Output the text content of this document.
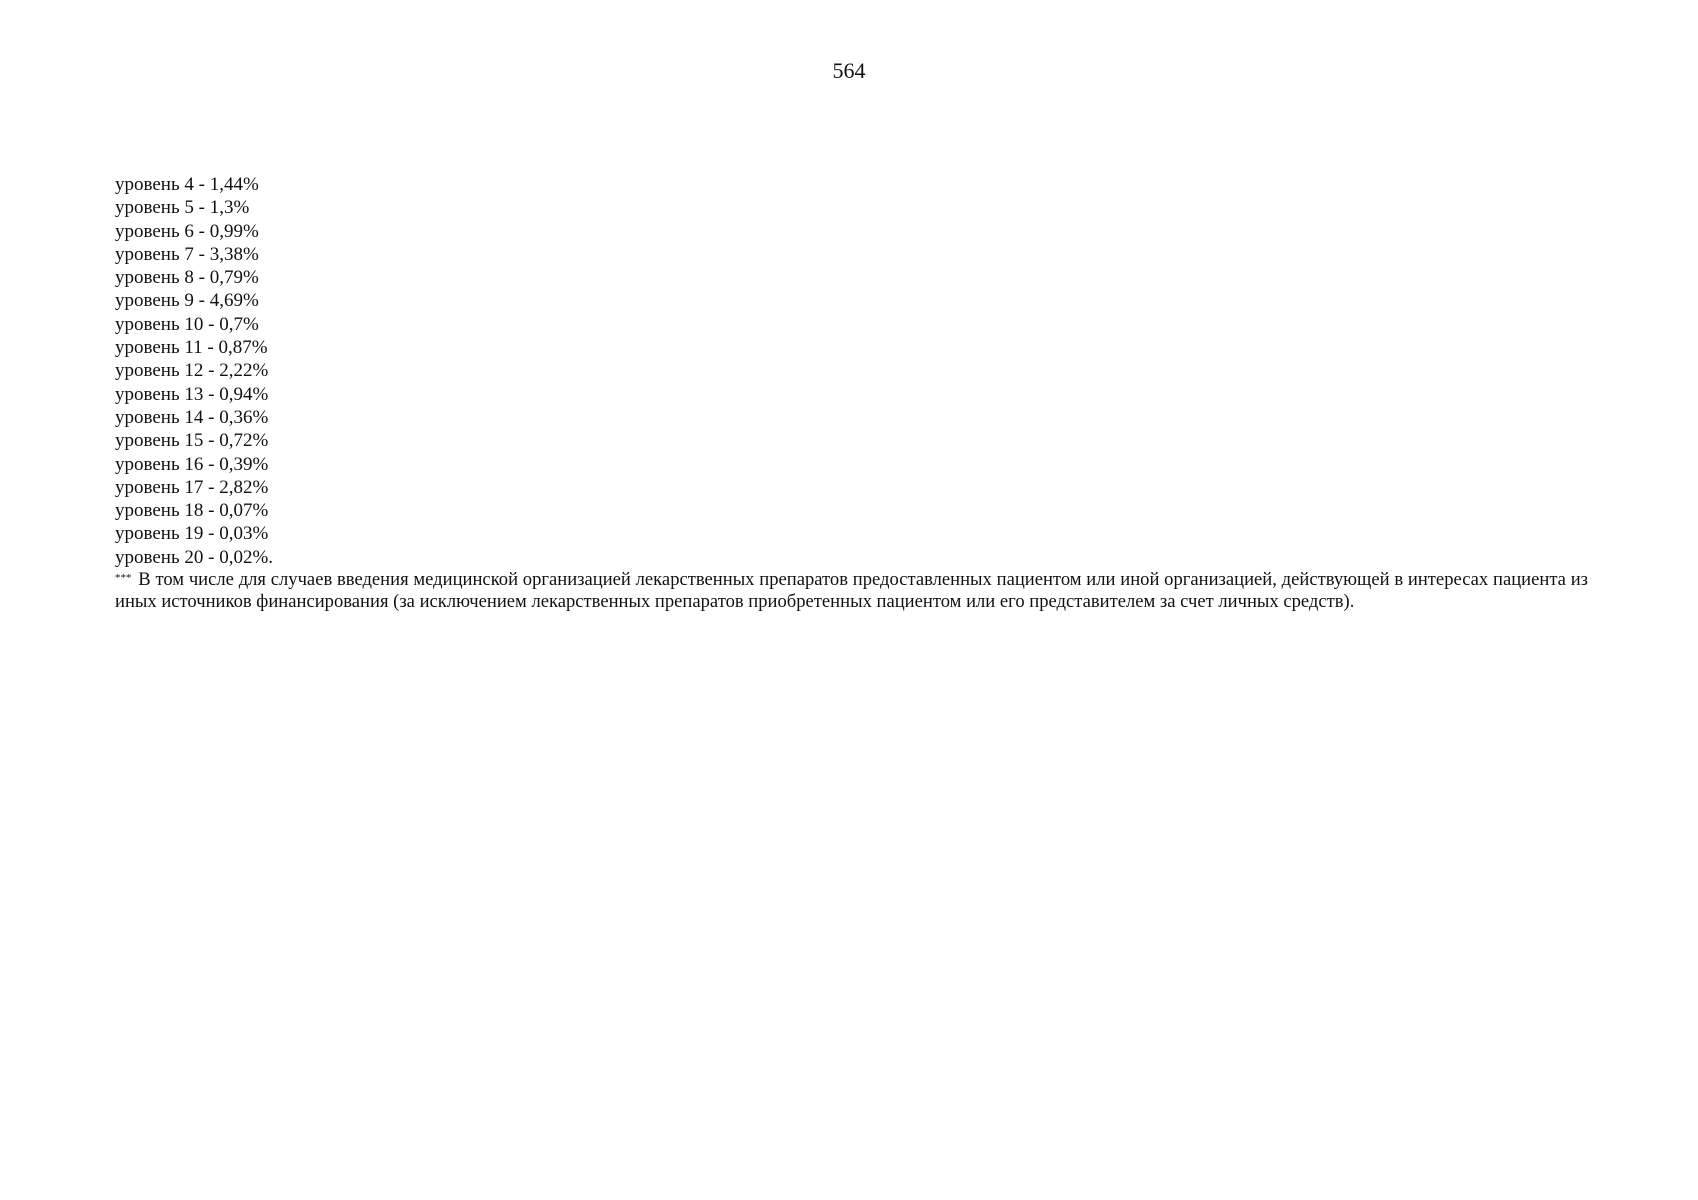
564
уровень 4 - 1,44%
уровень 5 - 1,3%
уровень 6 - 0,99%
уровень 7 - 3,38%
уровень 8 - 0,79%
уровень 9 - 4,69%
уровень 10 - 0,7%
уровень 11 - 0,87%
уровень 12 - 2,22%
уровень 13 - 0,94%
уровень 14 - 0,36%
уровень 15 - 0,72%
уровень 16 - 0,39%
уровень 17 - 2,82%
уровень 18 - 0,07%
уровень 19 - 0,03%
уровень 20 - 0,02%.

*** В том числе для случаев введения медицинской организацией лекарственных препаратов предоставленных пациентом или иной организацией, действующей в интересах пациента из иных источников финансирования (за исключением лекарственных препаратов приобретенных пациентом или его представителем за счет личных средств).
